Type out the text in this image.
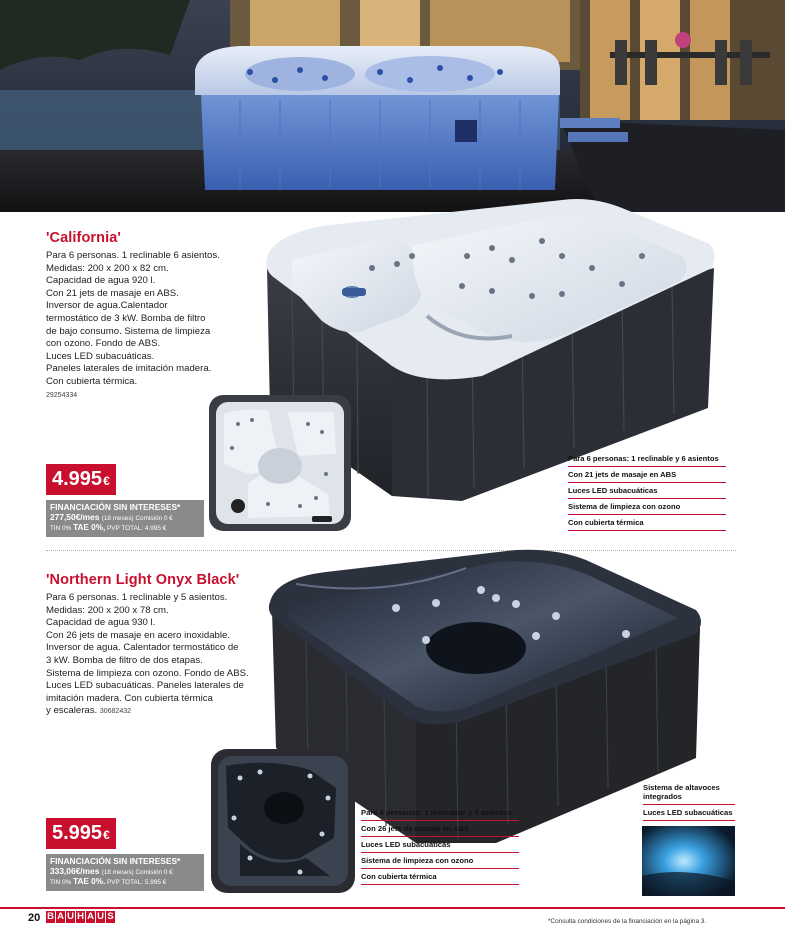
'California'
Para 6 personas. 1 reclinable 6 asientos.
Medidas: 200 x 200 x 82 cm.
Capacidad de agua 920 l.
Con 21 jets de masaje en ABS.
Inversor de agua.Calentador
termostático de 3 kW. Bomba de filtro
de bajo consumo. Sistema de limpieza
con ozono. Fondo de ABS.
Luces LED subacuáticas.
Paneles laterales de imitación madera.
Con cubierta térmica.
29254334
4.995€
FINANCIACIÓN SIN INTERESES*
277,50€/mes (18 meses) Comisión 0 €
TIN 0% TAE 0%, PVP TOTAL: 4.995 €
Para 6 personas: 1 reclinable y 6 asientos
Con 21 jets de masaje en ABS
Luces LED subacuáticas
Sistema de limpieza con ozono
Con cubierta térmica
'Northern Light Onyx Black'
Para 6 personas. 1 reclinable y 5 asientos.
Medidas: 200 x 200 x 78 cm.
Capacidad de agua 930 l.
Con 26 jets de masaje en acero inoxidable.
Inversor de agua. Calentador termostático de
3 kW. Bomba de filtro de dos etapas.
Sistema de limpieza con ozono. Fondo de ABS.
Luces LED subacuáticas. Paneles laterales de
imitación madera. Con cubierta térmica
y escaleras. 30682432
5.995€
FINANCIACIÓN SIN INTERESES*
333,06€/mes (18 meses) Comisión 0 €
TIN 0% TAE 0%. PVP TOTAL: 5.995 €
Para 6 personas: 1 reclinable y 5 asientos
Con 26 jets de masaje en ABS
Luces LED subacuáticas
Sistema de limpieza con ozono
Con cubierta térmica
Sistema de altavoces integrados
Luces LED subacuáticas
20 B A U H A U S	*Consulta condiciones de la financiación en la página 3.
